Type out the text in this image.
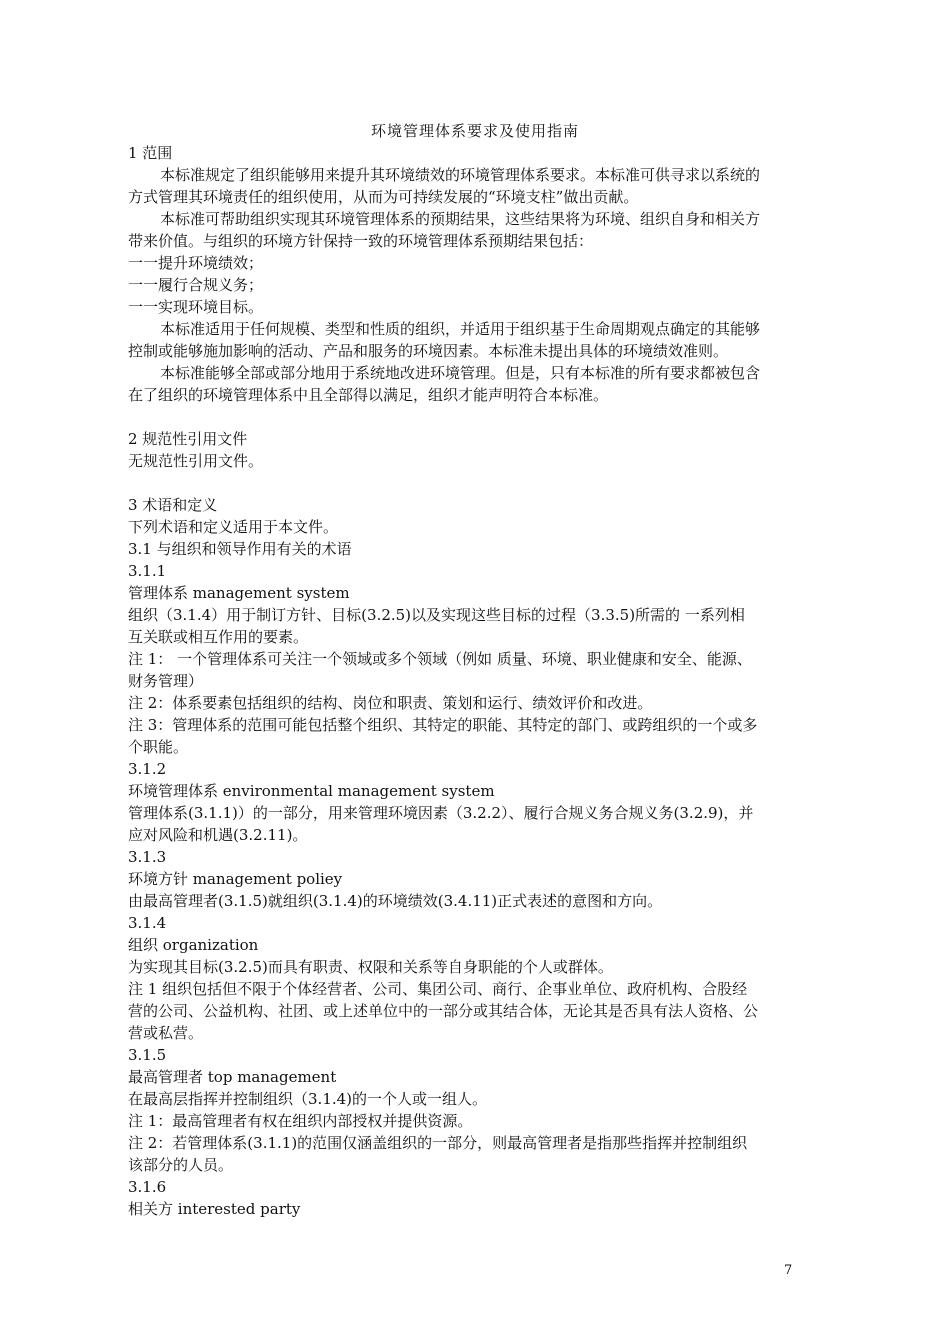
环境管理体系要求及使用指南
1 范围
本标准规定了组织能够用来提升其环境绩效的环境管理体系要求。本标准可供寻求以系统的
方式管理其环境责任的组织使用，从而为可持续发展的“环境支柱”做出贡献。
本标准可帮助组织实现其环境管理体系的预期结果，这些结果将为环境、组织自身和相关方
带来价值。与组织的环境方针保持一致的环境管理体系预期结果包括：
一一提升环境绩效；
一一履行合规义务；
一一实现环境目标。
本标准适用于任何规模、类型和性质的组织，并适用于组织基于生命周期观点确定的其能够
控制或能够施加影响的活动、产品和服务的环境因素。本标准未提出具体的环境绩效准则。
本标准能够全部或部分地用于系统地改进环境管理。但是，只有本标准的所有要求都被包含
在了组织的环境管理体系中且全部得以满足，组织才能声明符合本标准。
2 规范性引用文件
无规范性引用文件。
3 术语和定义
下列术语和定义适用于本文件。
3.1 与组织和领导作用有关的术语
3.1.1
管理体系 management system
组织（3.1.4）用于制订方针、目标(3.2.5)以及实现这些目标的过程（3.3.5)所需的 一系列相
互关联或相互作用的要素。
注 1： 一个管理体系可关注一个领域或多个领域（例如 质量、环境、职业健康和安全、能源、
财务管理）
注 2：体系要素包括组织的结构、岗位和职责、策划和运行、绩效评价和改进。
注 3：管理体系的范围可能包括整个组织、其特定的职能、其特定的部门、或跨组织的一个或多
个职能。
3.1.2
环境管理体系 environmental management system
管理体系(3.1.1)）的一部分，用来管理环境因素（3.2.2）、履行合规义务合规义务(3.2.9)，并
应对风险和机遇(3.2.11)。
3.1.3
环境方针 management poliey
由最高管理者(3.1.5)就组织(3.1.4)的环境绩效(3.4.11)正式表述的意图和方向。
3.1.4
组织 organization
为实现其目标(3.2.5)而具有职责、权限和关系等自身职能的个人或群体。
注 1 组织包括但不限于个体经营者、公司、集团公司、商行、企事业单位、政府机构、合股经
营的公司、公益机构、社团、或上述单位中的一部分或其结合体，无论其是否具有法人资格、公
营或私营。
3.1.5
最高管理者 top management
在最高层指挥并控制组织（3.1.4)的一个人或一组人。
注 1：最高管理者有权在组织内部授权并提供资源。
注 2：若管理体系(3.1.1)的范围仅涵盖组织的一部分，则最高管理者是指那些指挥并控制组织
该部分的人员。
3.1.6
相关方 interested party
7
